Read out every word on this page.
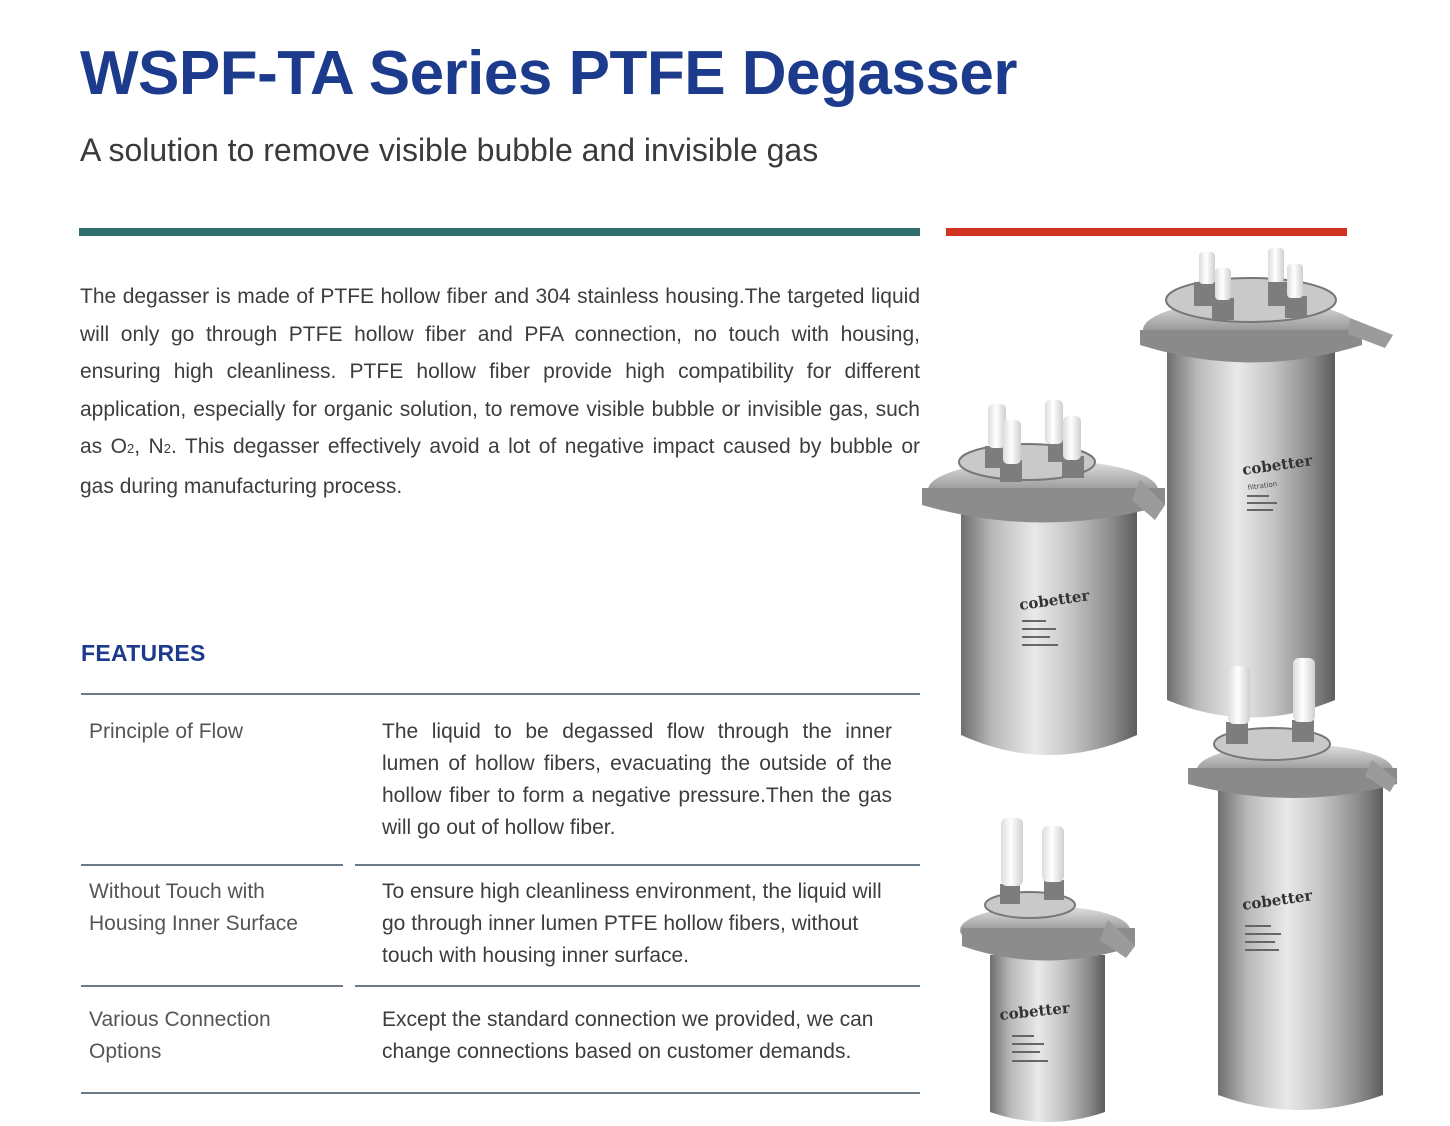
WSPF-TA Series PTFE Degasser
A solution to remove visible bubble and invisible gas

The degasser is made of PTFE hollow fiber and 304 stainless housing.The targeted liquid will only go through PTFE hollow fiber and PFA connection, no touch with housing, ensuring high cleanliness. PTFE hollow fiber provide high compatibility for different application, especially for organic solution, to remove visible bubble or invisible gas, such as O2, N2. This degasser effectively avoid a lot of negative impact caused by bubble or gas during manufacturing process.

FEATURES
Principle of Flow	The liquid to be degassed flow through the inner lumen of hollow fibers, evacuating the outside of the hollow fiber to form a negative pressure.Then the gas will go out of hollow fiber.
Without Touch with Housing Inner Surface
To ensure high cleanliness environment, the liquid will go through inner lumen PTFE hollow fibers, without touch with housing inner surface.
Various Connection Options
Except the standard connection we provided, we can change connections based on customer demands.
cobetter
filtration
cobetter
cobetter
cobetter
